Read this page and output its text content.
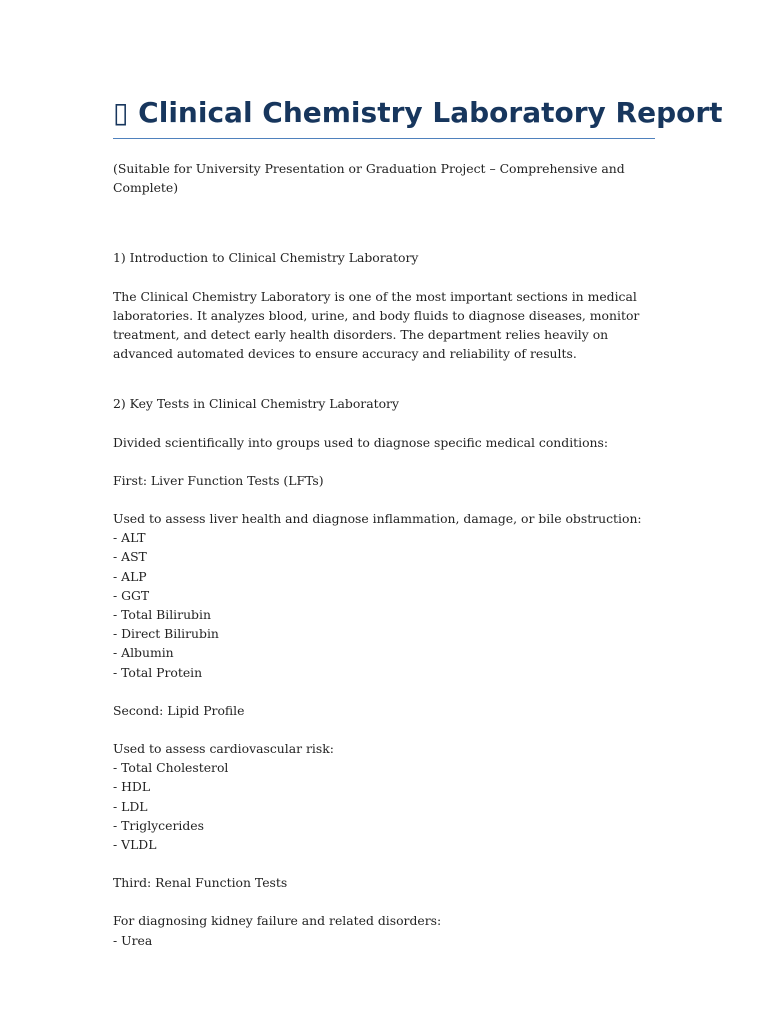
▯ Clinical Chemistry Laboratory Report

(Suitable for University Presentation or Graduation Project – Comprehensive and Complete)

1) Introduction to Clinical Chemistry Laboratory

The Clinical Chemistry Laboratory is one of the most important sections in medical laboratories. It analyzes blood, urine, and body fluids to diagnose diseases, monitor treatment, and detect early health disorders. The department relies heavily on advanced automated devices to ensure accuracy and reliability of results.

2) Key Tests in Clinical Chemistry Laboratory

Divided scientifically into groups used to diagnose specific medical conditions:

First: Liver Function Tests (LFTs)

Used to assess liver health and diagnose inflammation, damage, or bile obstruction:

- ALT
- AST
- ALP
- GGT
- Total Bilirubin
- Direct Bilirubin
- Albumin
- Total Protein

Second: Lipid Profile

Used to assess cardiovascular risk:

- Total Cholesterol
- HDL
- LDL
- Triglycerides
- VLDL

Third: Renal Function Tests

For diagnosing kidney failure and related disorders:

- Urea
